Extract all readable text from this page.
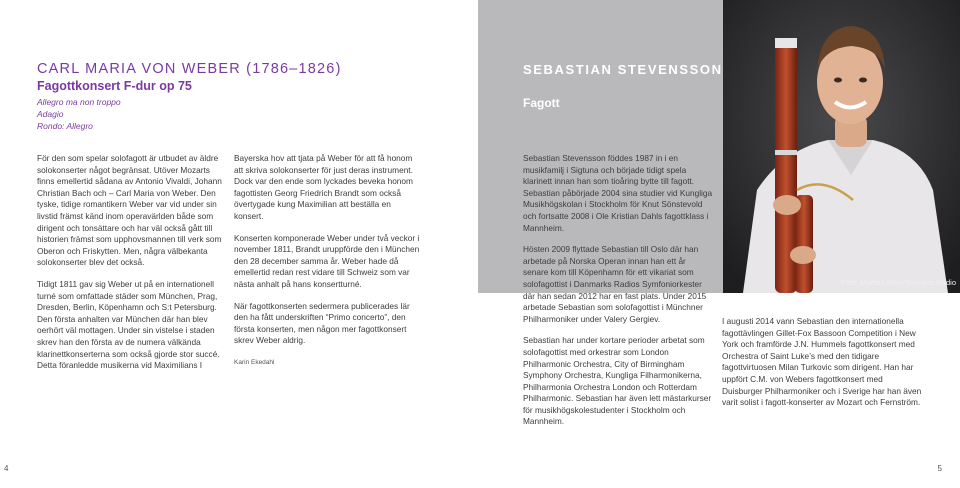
CARL MARIA VON WEBER (1786–1826)
Fagottkonsert F-dur op 75
Allegro ma non troppo
Adagio
Rondo: Allegro

För den som spelar solofagott är utbudet av äldre solokonserter något begränsat. Utöver Mozarts finns emellertid sådana av Antonio Vivaldi, Johann Christian Bach och – Carl Maria von Weber. Den tyske, tidige romantikern Weber var vid under sin livstid främst känd inom operavärlden både som dirigent och tonsättare och har väl också gått till historien främst som upphovsmannen till verk som Oberon och Friskytten. Men, några välbekanta solokonserter blev det också.

Tidigt 1811 gav sig Weber ut på en internationell turné som omfattade städer som München, Prag, Dresden, Berlin, Köpenhamn och S:t Petersburg. Den första anhalten var München där han blev oerhört väl mottagen. Under sin vistelse i staden skrev han den första av de numera välkända klarinettkonserterna som också gjorde stor succé. Detta föranledde musikerna vid Maximilians I

Bayerska hov att tjata på Weber för att få honom att skriva solokonserter för just deras instrument. Dock var den ende som lyckades beveka honom fagottisten Georg Friedrich Brandt som också övertygade kung Maximilian att beställa en konsert.

Konserten komponerade Weber under två veckor i november 1811, Brandt uruppförde den i München den 28 december samma år. Weber hade då emellertid redan rest vidare till Schweiz som var nästa anhalt på hans konsertturné.

När fagottkonserten sedermera publicerades lär den ha fått underskriften “Primo concerto”, den första konserten, men någon mer fagottkonsert skrev Weber aldrig.

Karin Ekedahl
4
SEBASTIAN STEVENSSON
Fagott
Foto: Mattias Ahlm/Sveriges Radio

Sebastian Stevensson föddes 1987 in i en musikfamilj i Sigtuna och började tidigt spela klarinett innan han som tioåring bytte till fagott. Sebastian påbörjade 2004 sina studier vid Kungliga Musikhögskolan i Stockholm för Knut Sönstevold och fortsatte 2008 i Ole Kristian Dahls fagottklass i Mannheim.

Hösten 2009 flyttade Sebastian till Oslo där han arbetade på Norska Operan innan han ett år senare kom till Köpenhamn för ett vikariat som solofagottist i Danmarks Radios Symfoniorkester där han sedan 2012 har en fast plats. Under 2015 arbetade Sebastian som solofagottist i Münchner Philharmoniker under Valery Gergiev.

Sebastian har under kortare perioder arbetat som solofagottist med orkestrar som London Philharmonic Orchestra, City of Birmingham Symphony Orchestra, Kungliga Filharmonikerna, Philharmonia Orchestra London och Rotterdam Philharmonic. Sebastian har även lett mästarkurser för musikhögskolestudenter i Stockholm och Mannheim.

I augusti 2014 vann Sebastian den internationella fagottävlingen Gillet-Fox Bassoon Competition i New York och framförde J.N. Hummels fagottkonsert med Orchestra of Saint Luke’s med den tidigare fagottvirtuosen Milan Turkovic som dirigent. Han har uppfört C.M. von Webers fagottkonsert med Duisburger Philharmoniker och i Sverige har han även varit solist i fagott-konserter av Mozart och Fernström.

5
